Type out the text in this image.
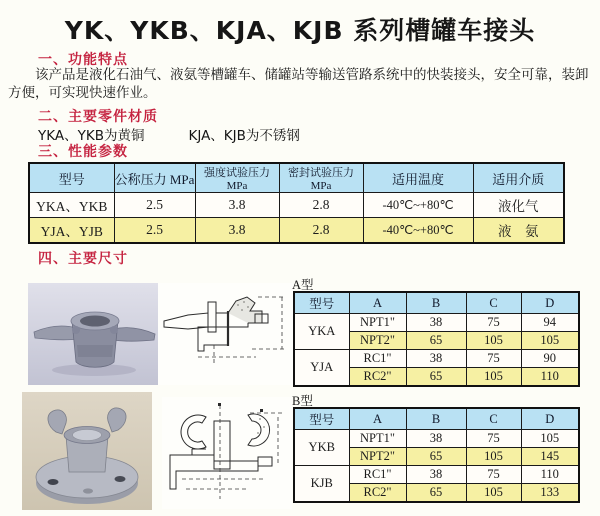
YK、YKB、KJA、KJB 系列槽罐车接头
一、功能特点
该产品是液化石油气、液氨等槽罐车、储罐站等输送管路系统中的快装接头，安全可靠，装卸
方便，可实现快速作业。
二、主要零件材质
YKA、YKB为黄铜	KJA、KJB为不锈钢
三、性能参数
型号	公称压力 MPa	强度试验压力MPa	密封试验压力MPa	适用温度	适用介质
YKA、YKB	2.5	3.8	2.8	-40℃~+80℃	液化气
YJA、YJB	2.5	3.8	2.8	-40℃~+80℃	液　氨
四、主要尺寸
A型
型号	A	B	C	D
YKA	NPT1"	38	75	94
	NPT2"	65	105	105
YJA	RC1"	38	75	90
	RC2"	65	105	110
B型
型号	A	B	C	D
YKB	NPT1"	38	75	105
	NPT2"	65	105	145
KJB	RC1"	38	75	110
	RC2"	65	105	133
